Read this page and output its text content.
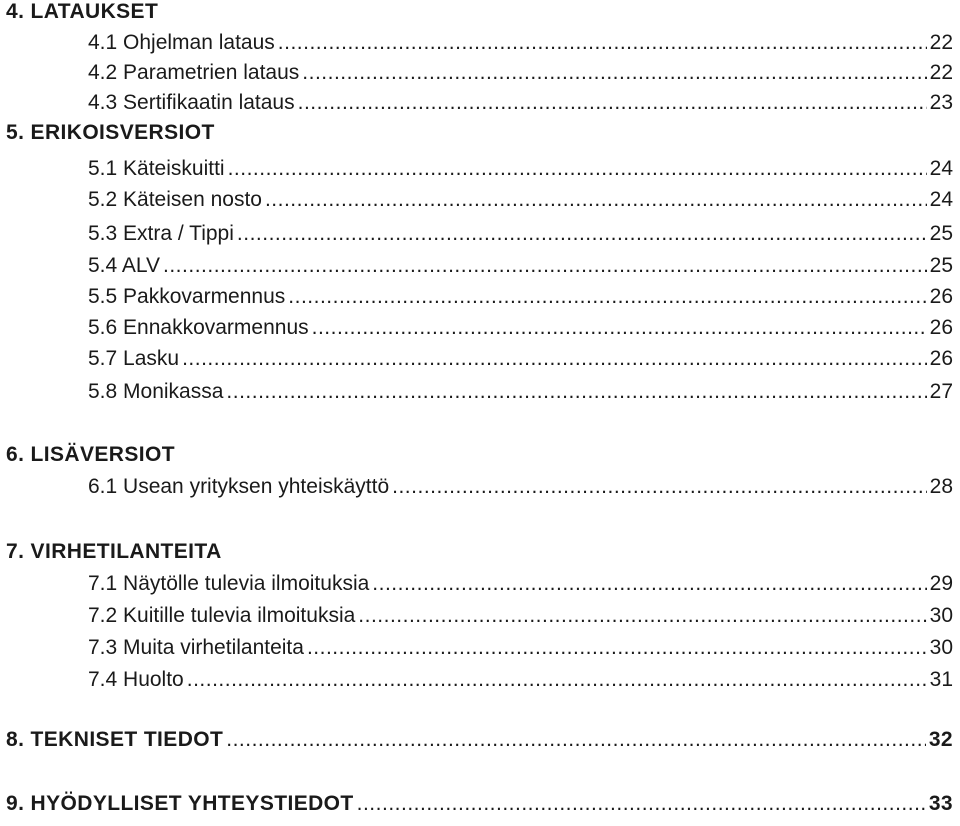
4. LATAUKSET
4.1 Ohjelman lataus .....	22
4.2 Parametrien lataus .....	22
4.3 Sertifikaatin lataus .....	23
5. ERIKOISVERSIOT
5.1 Käteiskuitti .....	24
5.2 Käteisen nosto .....	24
5.3 Extra / Tippi .....	25
5.4 ALV .....	25
5.5 Pakkovarmennus .....	26
5.6 Ennakkovarmennus .....	26
5.7 Lasku .....	26
5.8 Monikassa .....	27
6. LISÄVERSIOT
6.1 Usean yrityksen yhteiskäyttö .....	28
7. VIRHETILANTEITA
7.1 Näytölle tulevia ilmoituksia .....	29
7.2 Kuitille tulevia ilmoituksia .....	30
7.3 Muita virhetilanteita .....	30
7.4 Huolto .....	31
8. TEKNISET TIEDOT .....	32
9. HYÖDYLLISET YHTEYSTIEDOT .....	33
